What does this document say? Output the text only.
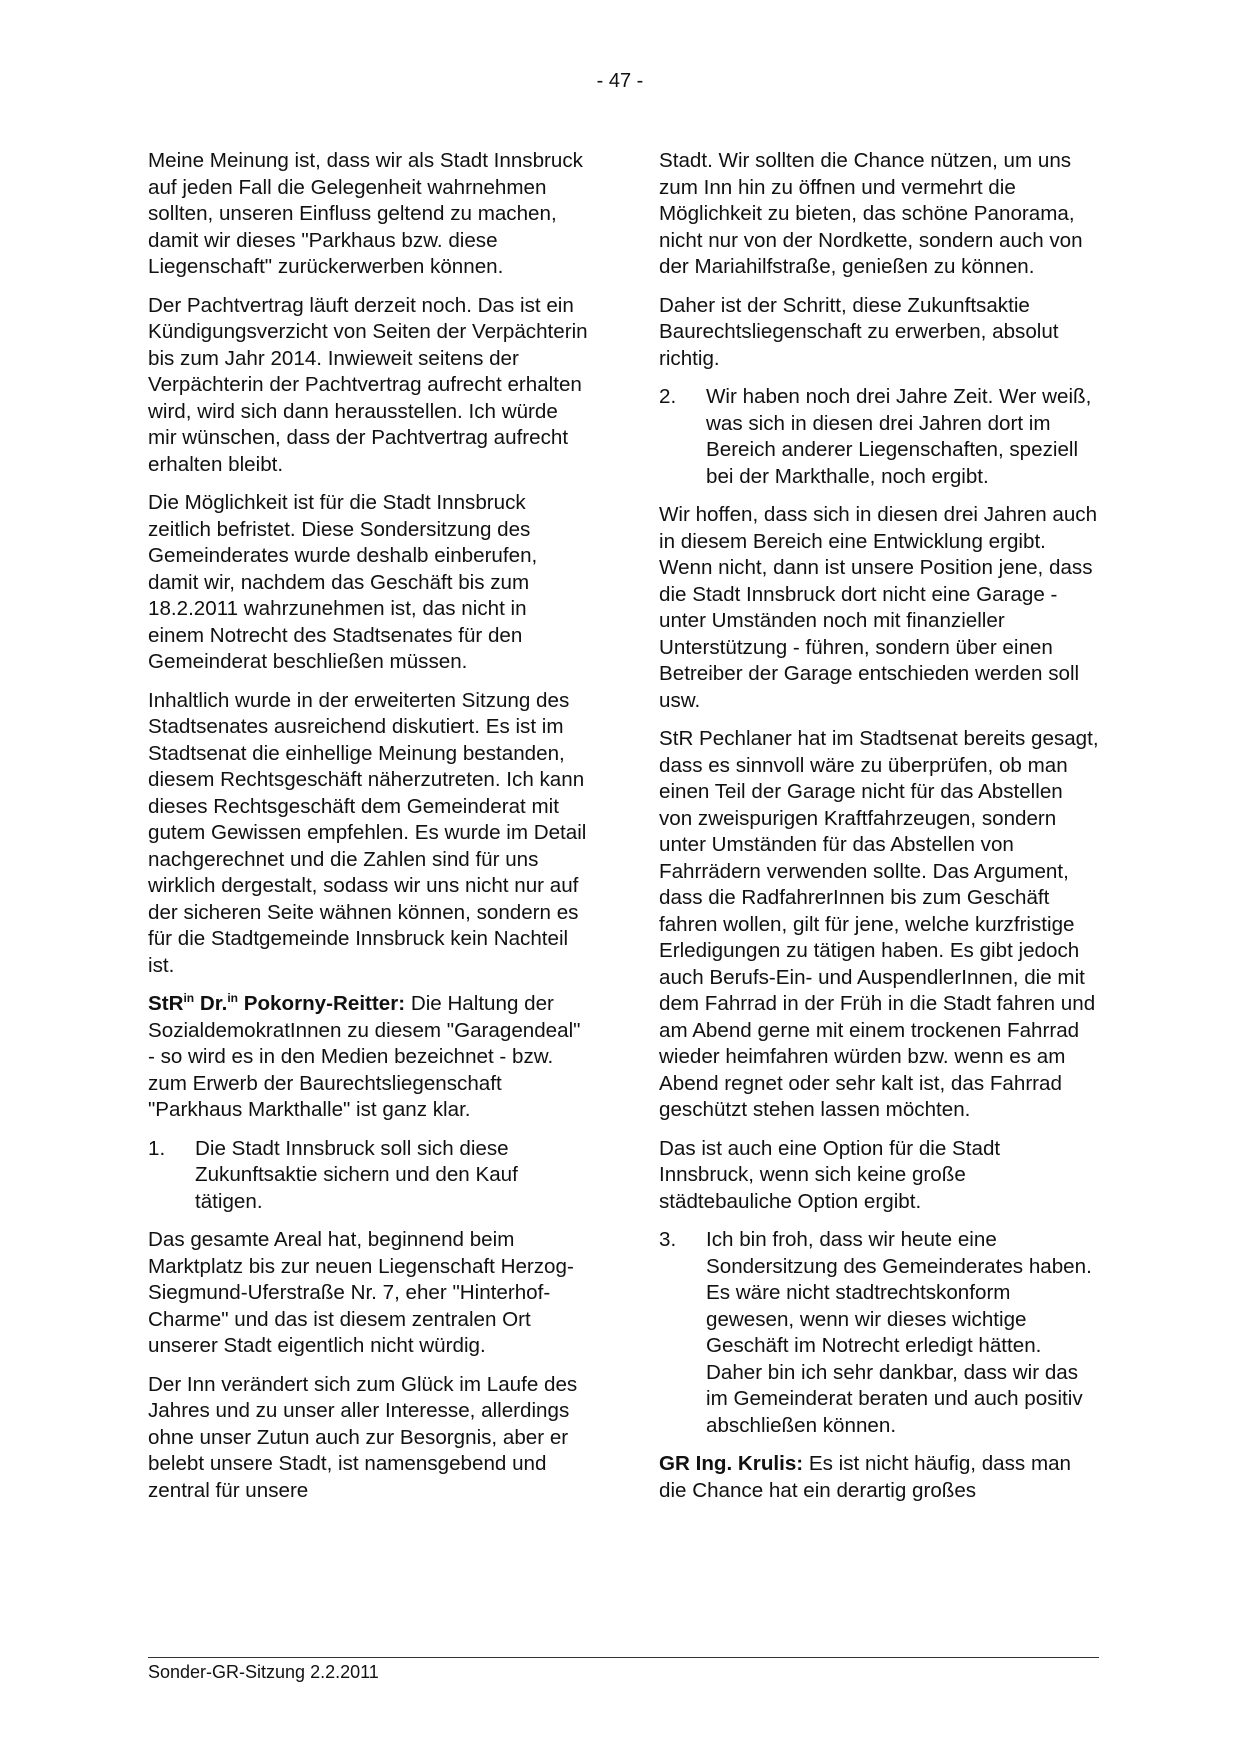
- 47 -

Meine Meinung ist, dass wir als Stadt Innsbruck auf jeden Fall die Gelegenheit wahrnehmen sollten, unseren Einfluss geltend zu machen, damit wir dieses "Parkhaus bzw. diese Liegenschaft" zurückerwerben können.

Der Pachtvertrag läuft derzeit noch. Das ist ein Kündigungsverzicht von Seiten der Verpächterin bis zum Jahr 2014. Inwieweit seitens der Verpächterin der Pachtvertrag aufrecht erhalten wird, wird sich dann herausstellen. Ich würde mir wünschen, dass der Pachtvertrag aufrecht erhalten bleibt.

Die Möglichkeit ist für die Stadt Innsbruck zeitlich befristet. Diese Sondersitzung des Gemeinderates wurde deshalb einberufen, damit wir, nachdem das Geschäft bis zum 18.2.2011 wahrzunehmen ist, das nicht in einem Notrecht des Stadtsenates für den Gemeinderat beschließen müssen.

Inhaltlich wurde in der erweiterten Sitzung des Stadtsenates ausreichend diskutiert. Es ist im Stadtsenat die einhellige Meinung bestanden, diesem Rechtsgeschäft näherzutreten. Ich kann dieses Rechtsgeschäft dem Gemeinderat mit gutem Gewissen empfehlen. Es wurde im Detail nachgerechnet und die Zahlen sind für uns wirklich dergestalt, sodass wir uns nicht nur auf der sicheren Seite wähnen können, sondern es für die Stadtgemeinde Innsbruck kein Nachteil ist.

StR$^{in}$ Dr.$^{in}$ Pokorny-Reitter: Die Haltung der SozialdemokratInnen zu diesem "Garagendeal" - so wird es in den Medien bezeichnet - bzw. zum Erwerb der Baurechtsliegenschaft "Parkhaus Markthalle" ist ganz klar.

1.	Die Stadt Innsbruck soll sich diese Zukunftsaktie sichern und den Kauf tätigen.

Das gesamte Areal hat, beginnend beim Marktplatz bis zur neuen Liegenschaft Herzog-Siegmund-Uferstraße Nr. 7, eher "Hinterhof-Charme" und das ist diesem zentralen Ort unserer Stadt eigentlich nicht würdig.

Der Inn verändert sich zum Glück im Laufe des Jahres und zu unser aller Interesse, allerdings ohne unser Zutun auch zur Besorgnis, aber er belebt unsere Stadt, ist namensgebend und zentral für unsere

Stadt. Wir sollten die Chance nützen, um uns zum Inn hin zu öffnen und vermehrt die Möglichkeit zu bieten, das schöne Panorama, nicht nur von der Nordkette, sondern auch von der Mariahilfstraße, genießen zu können.

Daher ist der Schritt, diese Zukunftsaktie Baurechtsliegenschaft zu erwerben, absolut richtig.

2.	Wir haben noch drei Jahre Zeit. Wer weiß, was sich in diesen drei Jahren dort im Bereich anderer Liegenschaften, speziell bei der Markthalle, noch ergibt.

Wir hoffen, dass sich in diesen drei Jahren auch in diesem Bereich eine Entwicklung ergibt. Wenn nicht, dann ist unsere Position jene, dass die Stadt Innsbruck dort nicht eine Garage - unter Umständen noch mit finanzieller Unterstützung - führen, sondern über einen Betreiber der Garage entschieden werden soll usw.

StR Pechlaner hat im Stadtsenat bereits gesagt, dass es sinnvoll wäre zu überprüfen, ob man einen Teil der Garage nicht für das Abstellen von zweispurigen Kraftfahrzeugen, sondern unter Umständen für das Abstellen von Fahrrädern verwenden sollte. Das Argument, dass die RadfahrerInnen bis zum Geschäft fahren wollen, gilt für jene, welche kurzfristige Erledigungen zu tätigen haben. Es gibt jedoch auch Berufs-Ein- und AuspendlerInnen, die mit dem Fahrrad in der Früh in die Stadt fahren und am Abend gerne mit einem trockenen Fahrrad wieder heimfahren würden bzw. wenn es am Abend regnet oder sehr kalt ist, das Fahrrad geschützt stehen lassen möchten.

Das ist auch eine Option für die Stadt Innsbruck, wenn sich keine große städtebauliche Option ergibt.

3.	Ich bin froh, dass wir heute eine Sondersitzung des Gemeinderates haben. Es wäre nicht stadtrechtskonform gewesen, wenn wir dieses wichtige Geschäft im Notrecht erledigt hätten. Daher bin ich sehr dankbar, dass wir das im Gemeinderat beraten und auch positiv abschließen können.

GR Ing. Krulis: Es ist nicht häufig, dass man die Chance hat ein derartig großes

Sonder-GR-Sitzung 2.2.2011
